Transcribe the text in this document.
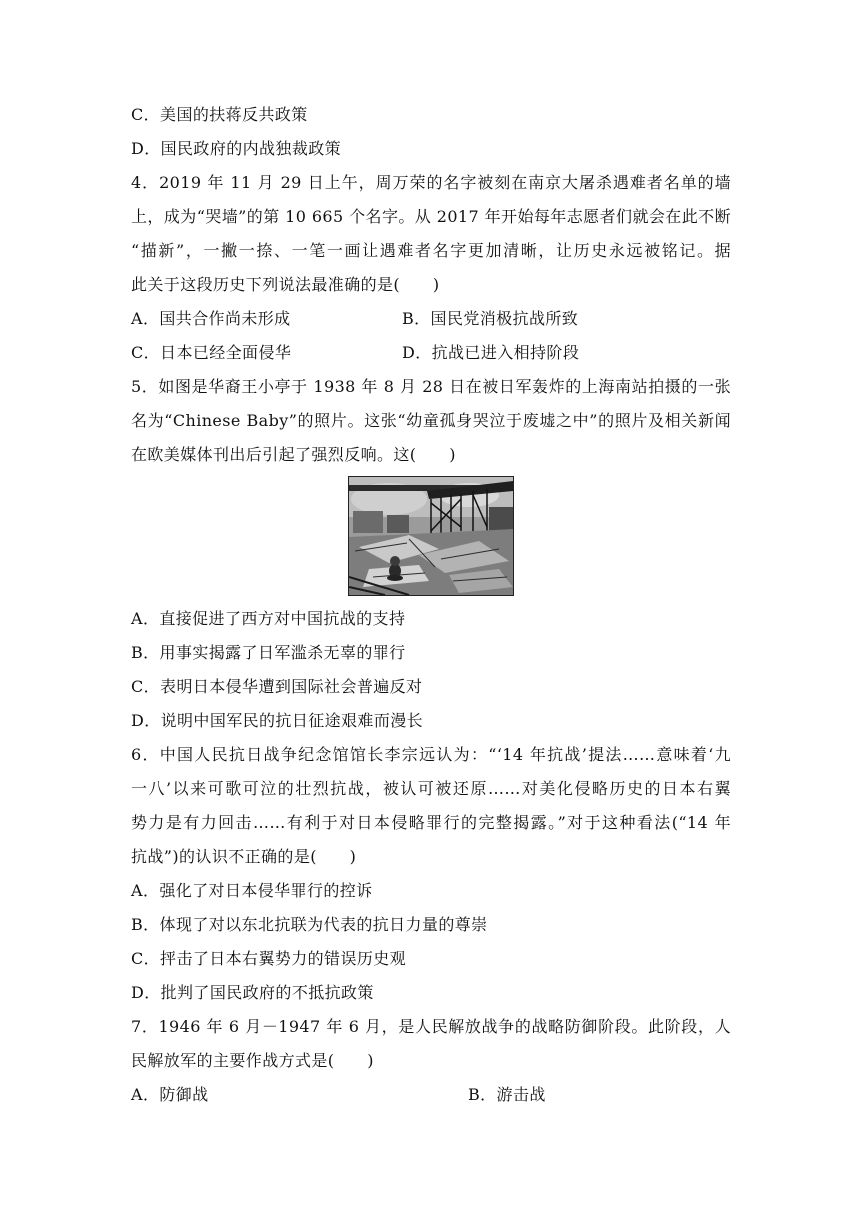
C．美国的扶蒋反共政策
D．国民政府的内战独裁政策
4．2019 年 11 月 29 日上午，周万荣的名字被刻在南京大屠杀遇难者名单的墙
上，成为“哭墙”的第 10 665 个名字。从 2017 年开始每年志愿者们就会在此不断
“描新”，一撇一捺、一笔一画让遇难者名字更加清晰，让历史永远被铭记。据
此关于这段历史下列说法最准确的是(　　)
A．国共合作尚未形成	B．国民党消极抗战所致
C．日本已经全面侵华	D．抗战已进入相持阶段
5．如图是华裔王小亭于 1938 年 8 月 28 日在被日军轰炸的上海南站拍摄的一张
名为“Chinese Baby”的照片。这张“幼童孤身哭泣于废墟之中”的照片及相关新闻
在欧美媒体刊出后引起了强烈反响。这(　　)
A．直接促进了西方对中国抗战的支持
B．用事实揭露了日军滥杀无辜的罪行
C．表明日本侵华遭到国际社会普遍反对
D．说明中国军民的抗日征途艰难而漫长
6．中国人民抗日战争纪念馆馆长李宗远认为：“‘14 年抗战’提法……意味着‘九
一八’以来可歌可泣的壮烈抗战，被认可被还原……对美化侵略历史的日本右翼
势力是有力回击……有利于对日本侵略罪行的完整揭露。”对于这种看法(“14 年
抗战”)的认识不正确的是(　　)
A．强化了对日本侵华罪行的控诉
B．体现了对以东北抗联为代表的抗日力量的尊崇
C．抨击了日本右翼势力的错误历史观
D．批判了国民政府的不抵抗政策
7．1946 年 6 月－1947 年 6 月，是人民解放战争的战略防御阶段。此阶段，人
民解放军的主要作战方式是(　　)
A．防御战	B．游击战
